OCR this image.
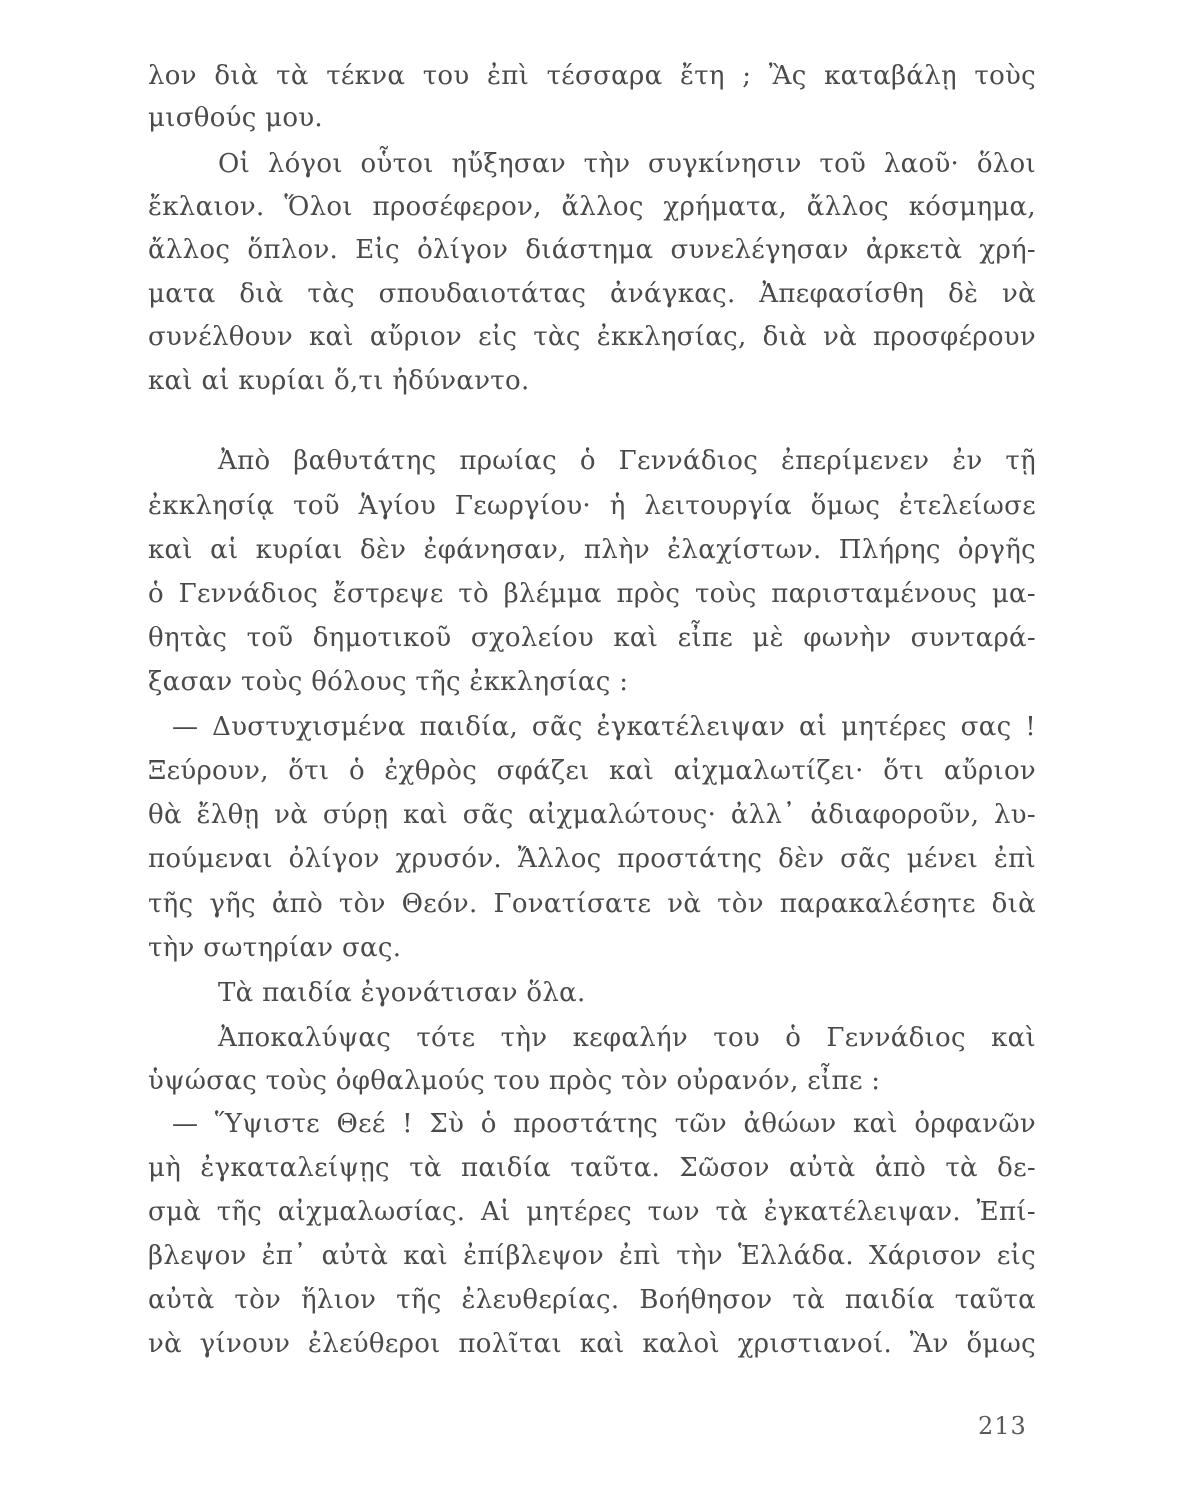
λον διὰ τὰ τέκνα του ἐπὶ τέσσαρα ἔτη ; Ἂς καταβάλῃ τοὺς
μισθούς μου.
Οἱ λόγοι οὗτοι ηὔξησαν τὴν συγκίνησιν τοῦ λαοῦ· ὅλοι
ἔκλαιον. Ὅλοι προσέφερον, ἄλλος χρήματα, ἄλλος κόσμημα,
ἄλλος ὅπλον. Εἰς ὀλίγον διάστημα συνελέγησαν ἀρκετὰ χρή-
ματα διὰ τὰς σπουδαιοτάτας ἀνάγκας. Ἀπεφασίσθη δὲ νὰ
συνέλθουν καὶ αὔριον εἰς τὰς ἐκκλησίας, διὰ νὰ προσφέρουν
καὶ αἱ κυρίαι ὅ,τι ἠδύναντο.
Ἀπὸ βαθυτάτης πρωίας ὁ Γεννάδιος ἐπερίμενεν ἐν τῇ
ἐκκλησίᾳ τοῦ Ἁγίου Γεωργίου· ἡ λειτουργία ὅμως ἐτελείωσε
καὶ αἱ κυρίαι δὲν ἐφάνησαν, πλὴν ἐλαχίστων. Πλήρης ὀργῆς
ὁ Γεννάδιος ἔστρεψε τὸ βλέμμα πρὸς τοὺς παρισταμένους μα-
θητὰς τοῦ δημοτικοῦ σχολείου καὶ εἶπε μὲ φωνὴν συνταρά-
ξασαν τοὺς θόλους τῆς ἐκκλησίας :
— Δυστυχισμένα παιδία, σᾶς ἐγκατέλειψαν αἱ μητέρες σας !
Ξεύρουν, ὅτι ὁ ἐχθρὸς σφάζει καὶ αἰχμαλωτίζει· ὅτι αὔριον
θὰ ἔλθῃ νὰ σύρῃ καὶ σᾶς αἰχμαλώτους· ἀλλ᾽ ἀδιαφοροῦν, λυ-
πούμεναι ὀλίγον χρυσόν. Ἄλλος προστάτης δὲν σᾶς μένει ἐπὶ
τῆς γῆς ἀπὸ τὸν Θεόν. Γονατίσατε νὰ τὸν παρακαλέσητε διὰ
τὴν σωτηρίαν σας.
Τὰ παιδία ἐγονάτισαν ὅλα.
Ἀποκαλύψας τότε τὴν κεφαλήν του ὁ Γεννάδιος καὶ
ὑψώσας τοὺς ὀφθαλμούς του πρὸς τὸν οὐρανόν, εἶπε :
— Ὕψιστε Θεέ ! Σὺ ὁ προστάτης τῶν ἀθώων καὶ ὀρφανῶν
μὴ ἐγκαταλείψῃς τὰ παιδία ταῦτα. Σῶσον αὐτὰ ἀπὸ τὰ δε-
σμὰ τῆς αἰχμαλωσίας. Αἱ μητέρες των τὰ ἐγκατέλειψαν. Ἐπί-
βλεψον ἐπ᾽ αὐτὰ καὶ ἐπίβλεψον ἐπὶ τὴν Ἑλλάδα. Χάρισον εἰς
αὐτὰ τὸν ἥλιον τῆς ἐλευθερίας. Βοήθησον τὰ παιδία ταῦτα
νὰ γίνουν ἐλεύθεροι πολῖται καὶ καλοὶ χριστιανοί. Ἂν ὅμως
213
